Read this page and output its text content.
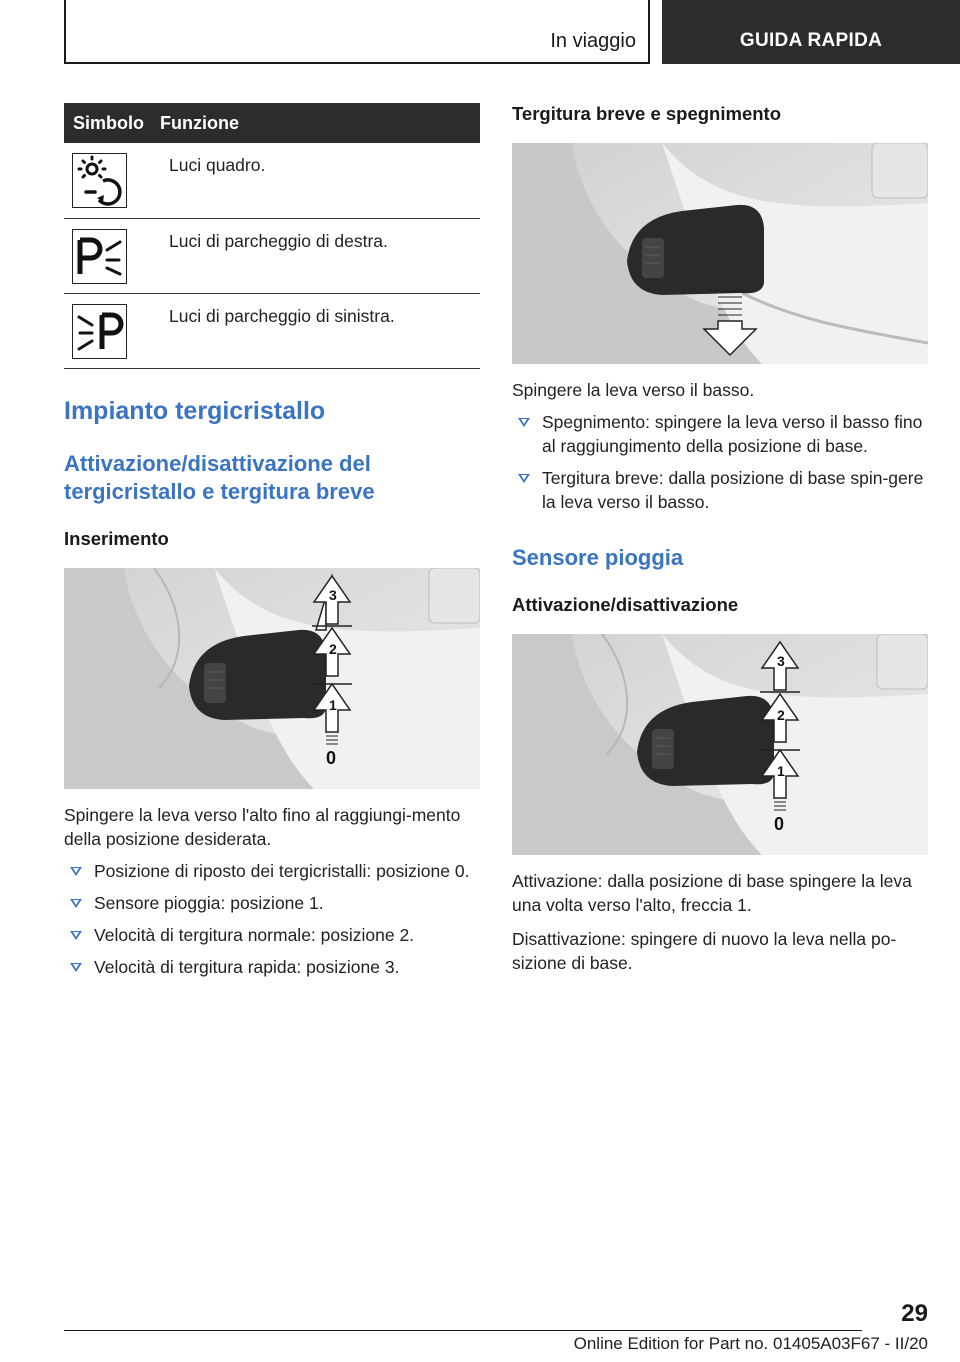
In viaggio	GUIDA RAPIDA
Simbolo	Funzione

	Luci quadro.

	Luci di parcheggio di destra.

	Luci di parcheggio di sinistra.
Impianto tergicristallo
Attivazione/disattivazione del tergicristallo e tergitura breve
Inserimento
3
2
1
0

Spingere la leva verso l'alto fino al raggiungi-mento della posizione desiderata.

Posizione di riposto dei tergicristalli: posizione 0.
Sensore pioggia: posizione 1.
Velocità di tergitura normale: posizione 2.
Velocità di tergitura rapida: posizione 3.
Tergitura breve e spegnimento

Spingere la leva verso il basso.

Spegnimento: spingere la leva verso il basso fino al raggiungimento della posizione di base.
Tergitura breve: dalla posizione di base spin-gere la leva verso il basso.
Sensore pioggia
Attivazione/disattivazione
3
2
1
0

Attivazione: dalla posizione di base spingere la leva una volta verso l'alto, freccia 1.

Disattivazione: spingere di nuovo la leva nella po-sizione di base.

29
Online Edition for Part no. 01405A03F67 - II/20
